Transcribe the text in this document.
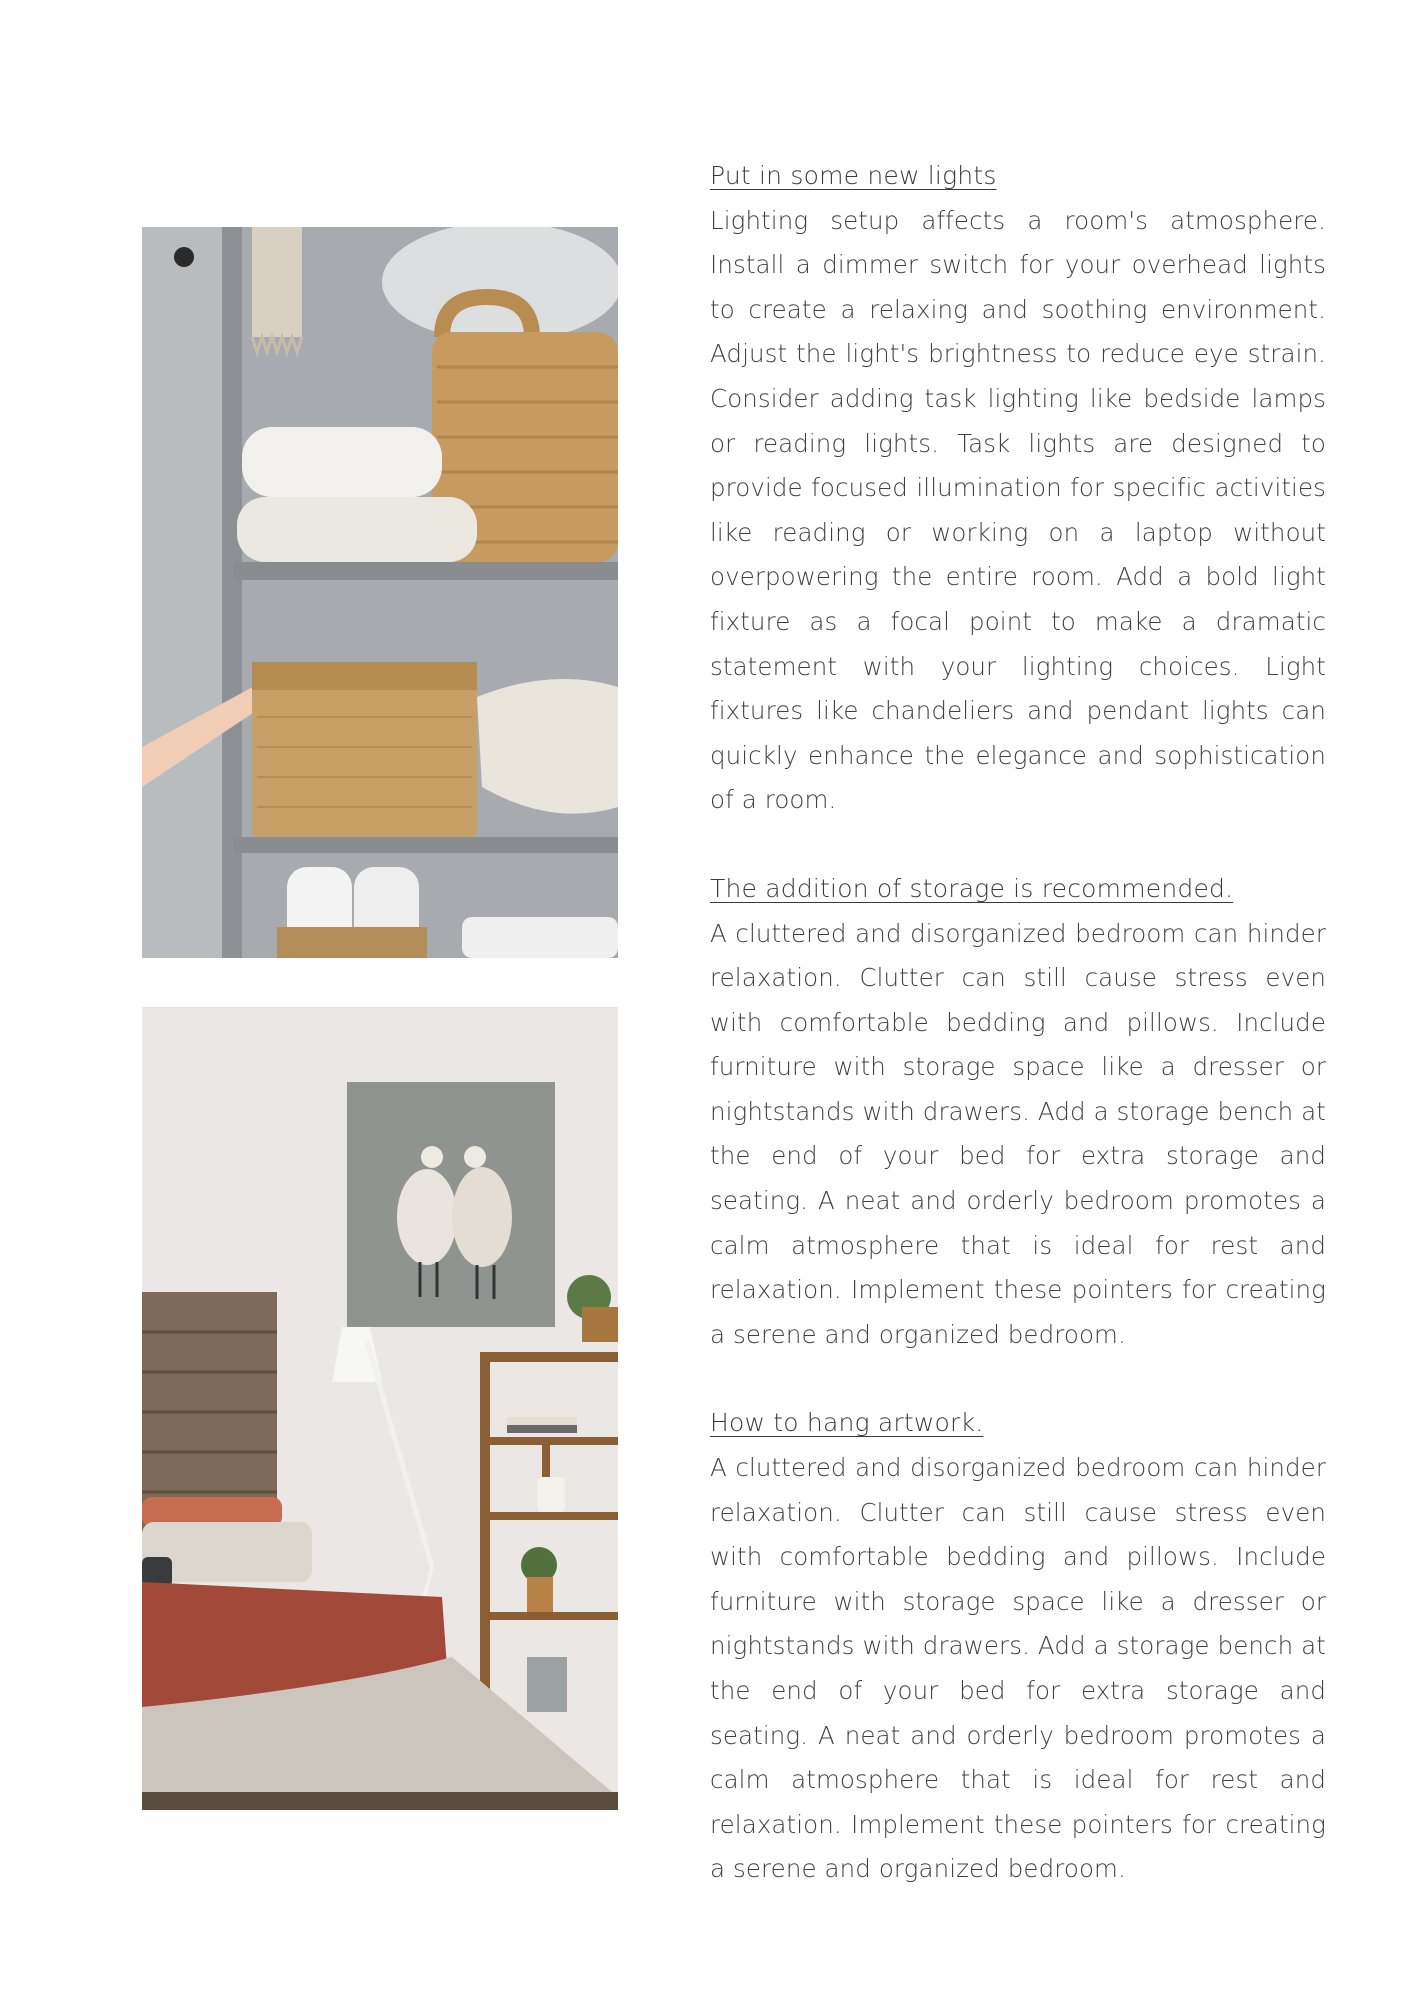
Put in some new lights

Lighting setup affects a room's atmosphere. Install a dimmer switch for your overhead lights to create a relaxing and soothing environment. Adjust the light's brightness to reduce eye strain. Consider adding task lighting like bedside lamps or reading lights. Task lights are designed to provide focused illumination for specific activities like reading or working on a laptop without overpowering the entire room. Add a bold light fixture as a focal point to make a dramatic statement with your lighting choices. Light fixtures like chandeliers and pendant lights can quickly enhance the elegance and sophistication of a room.

The addition of storage is recommended.

A cluttered and disorganized bedroom can hinder relaxation. Clutter can still cause stress even with comfortable bedding and pillows. Include furniture with storage space like a dresser or nightstands with drawers. Add a storage bench at the end of your bed for extra storage and seating. A neat and orderly bedroom promotes a calm atmosphere that is ideal for rest and relaxation. Implement these pointers for creating a serene and organized bedroom.

How to hang artwork.

A cluttered and disorganized bedroom can hinder relaxation. Clutter can still cause stress even with comfortable bedding and pillows. Include furniture with storage space like a dresser or nightstands with drawers. Add a storage bench at the end of your bed for extra storage and seating. A neat and orderly bedroom promotes a calm atmosphere that is ideal for rest and relaxation. Implement these pointers for creating a serene and organized bedroom.
